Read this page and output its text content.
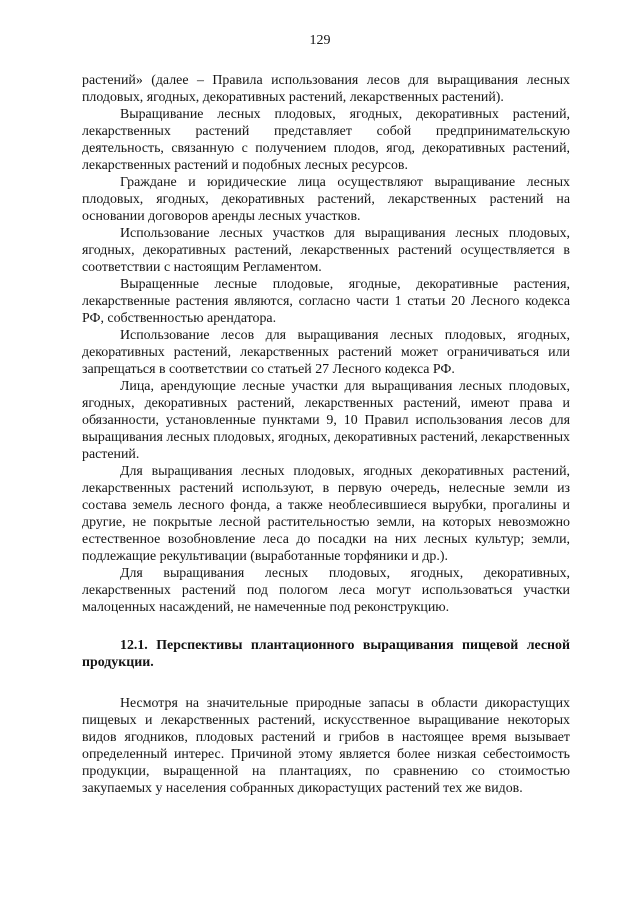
129

растений» (далее – Правила использования лесов для выращивания лесных плодовых, ягодных, декоративных растений, лекарственных растений).

Выращивание лесных плодовых, ягодных, декоративных растений, лекарственных растений представляет собой предпринимательскую деятельность, связанную с получением плодов, ягод, декоративных растений, лекарственных растений и подобных лесных ресурсов.

Граждане и юридические лица осуществляют выращивание лесных плодовых, ягодных, декоративных растений, лекарственных растений на основании договоров аренды лесных участков.

Использование лесных участков для выращивания лесных плодовых, ягодных, декоративных растений, лекарственных растений осуществляется в соответствии с настоящим Регламентом.

Выращенные лесные плодовые, ягодные, декоративные растения, лекарственные растения являются, согласно части 1 статьи 20 Лесного кодекса РФ, собственностью арендатора.

Использование лесов для выращивания лесных плодовых, ягодных, декоративных растений, лекарственных растений может ограничиваться или запрещаться в соответствии со статьей 27 Лесного кодекса РФ.

Лица, арендующие лесные участки для выращивания лесных плодовых, ягодных, декоративных растений, лекарственных растений, имеют права и обязанности, установленные пунктами 9, 10 Правил использования лесов для выращивания лесных плодовых, ягодных, декоративных растений, лекарственных растений.

Для выращивания лесных плодовых, ягодных декоративных растений, лекарственных растений используют, в первую очередь, нелесные земли из состава земель лесного фонда, а также необлесившиеся вырубки, прогалины и другие, не покрытые лесной растительностью земли, на которых невозможно естественное возобновление леса до посадки на них лесных культур; земли, подлежащие рекультивации (выработанные торфяники и др.).

Для выращивания лесных плодовых, ягодных, декоративных, лекарственных растений под пологом леса могут использоваться участки малоценных насаждений, не намеченные под реконструкцию.

12.1. Перспективы плантационного выращивания пищевой лесной продукции.

Несмотря на значительные природные запасы в области дикорастущих пищевых и лекарственных растений, искусственное выращивание некоторых видов ягодников, плодовых растений и грибов в настоящее время вызывает определенный интерес. Причиной этому является более низкая себестоимость продукции, выращенной на плантациях, по сравнению со стоимостью закупаемых у населения собранных дикорастущих растений тех же видов.
